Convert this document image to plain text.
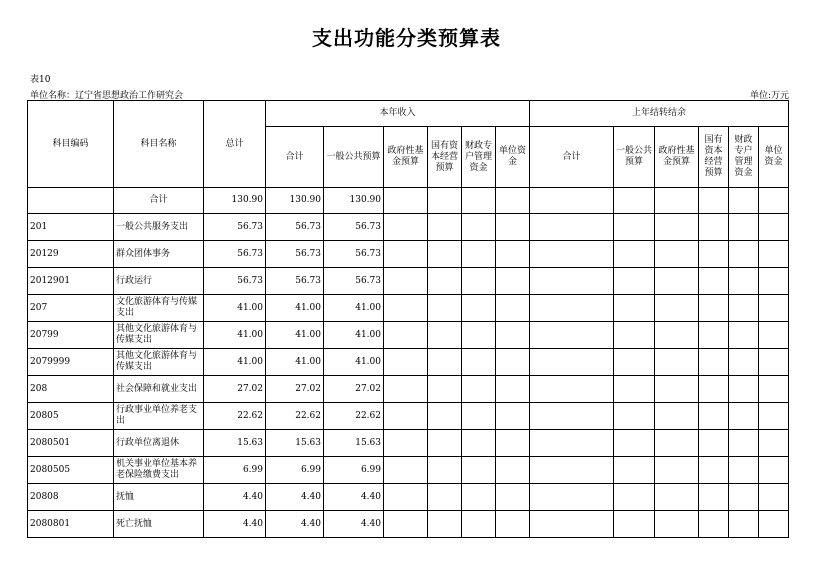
支出功能分类预算表
表10
单位名称：辽宁省思想政治工作研究会	单位:万元
科目编码	科目名称	总计	本年收入						上年结转结余					
			合计	一般公共预算	政府性基金预算	国有资本经营预算	财政专户管理资金	单位资金	合计	一般公共预算	政府性基金预算	国有资本经营预算	财政专户管理资金	单位资金
	合计	130.90	130.90	130.90										
201	一般公共服务支出	56.73	56.73	56.73										
20129	群众团体事务	56.73	56.73	56.73										
2012901	行政运行	56.73	56.73	56.73										
207	文化旅游体育与传媒支出	41.00	41.00	41.00										
20799	其他文化旅游体育与传媒支出	41.00	41.00	41.00										
2079999	其他文化旅游体育与传媒支出	41.00	41.00	41.00										
208	社会保障和就业支出	27.02	27.02	27.02										
20805	行政事业单位养老支出	22.62	22.62	22.62										
2080501	行政单位离退休	15.63	15.63	15.63										
2080505	机关事业单位基本养老保险缴费支出	6.99	6.99	6.99										
20808	抚恤	4.40	4.40	4.40										
2080801	死亡抚恤	4.40	4.40	4.40										
